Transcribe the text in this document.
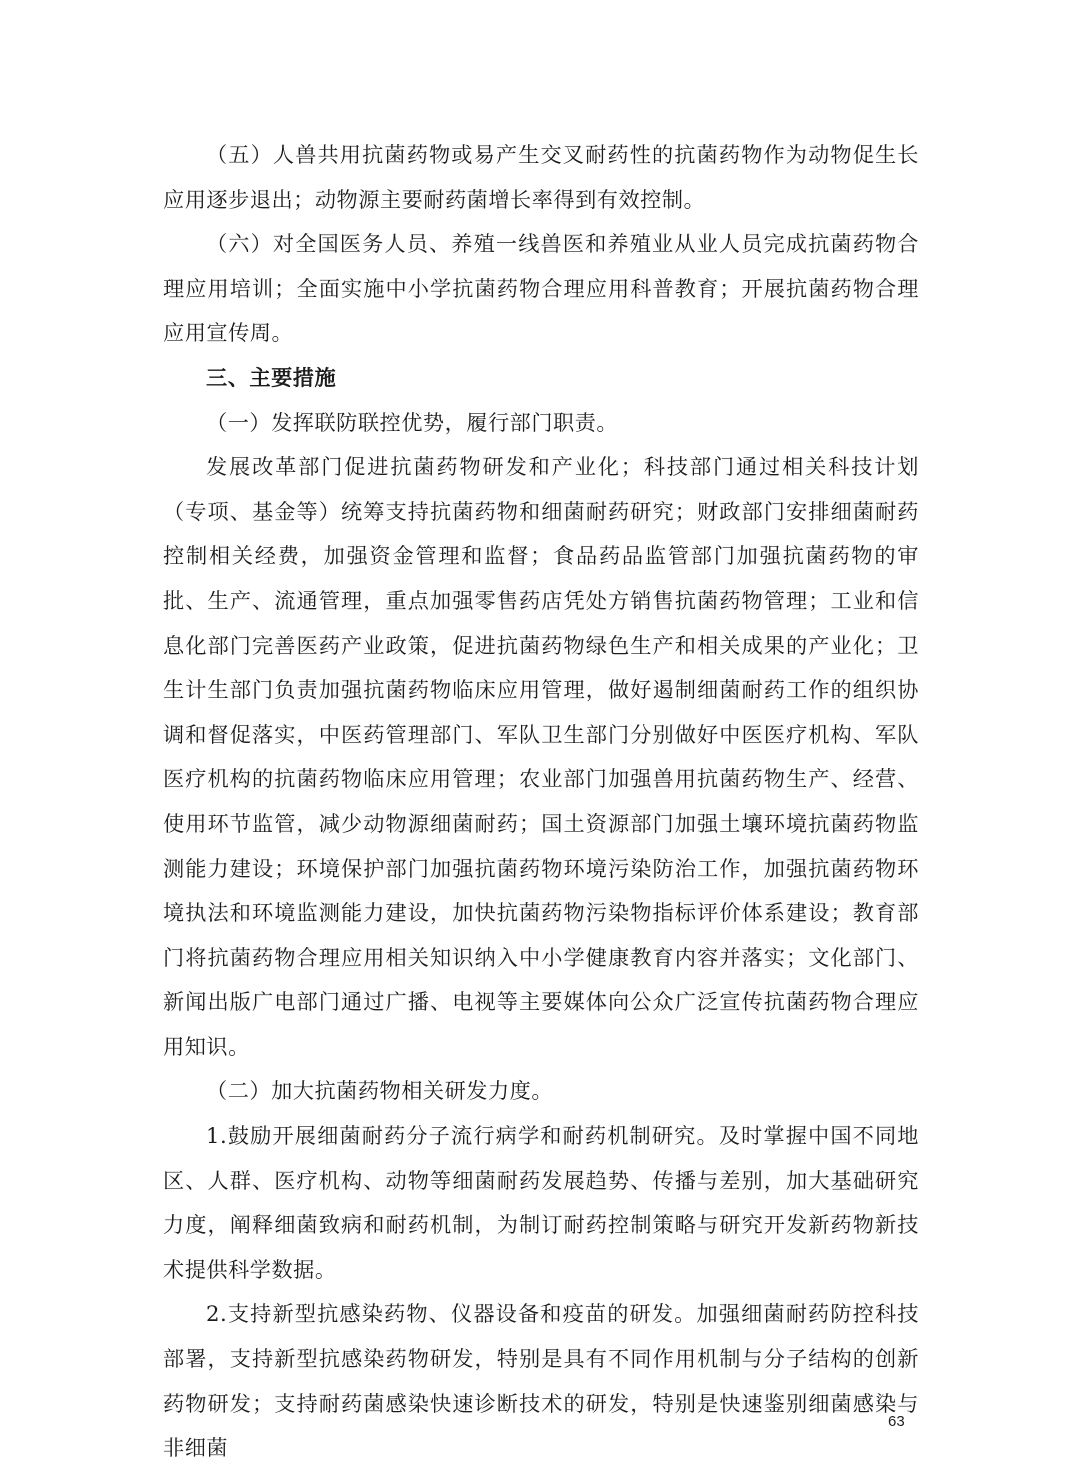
（五）人兽共用抗菌药物或易产生交叉耐药性的抗菌药物作为动物促生长应用逐步退出；动物源主要耐药菌增长率得到有效控制。

（六）对全国医务人员、养殖一线兽医和养殖业从业人员完成抗菌药物合理应用培训；全面实施中小学抗菌药物合理应用科普教育；开展抗菌药物合理应用宣传周。

三、主要措施

（一）发挥联防联控优势，履行部门职责。

发展改革部门促进抗菌药物研发和产业化；科技部门通过相关科技计划（专项、基金等）统筹支持抗菌药物和细菌耐药研究；财政部门安排细菌耐药控制相关经费，加强资金管理和监督；食品药品监管部门加强抗菌药物的审批、生产、流通管理，重点加强零售药店凭处方销售抗菌药物管理；工业和信息化部门完善医药产业政策，促进抗菌药物绿色生产和相关成果的产业化；卫生计生部门负责加强抗菌药物临床应用管理，做好遏制细菌耐药工作的组织协调和督促落实，中医药管理部门、军队卫生部门分别做好中医医疗机构、军队医疗机构的抗菌药物临床应用管理；农业部门加强兽用抗菌药物生产、经营、使用环节监管，减少动物源细菌耐药；国土资源部门加强土壤环境抗菌药物监测能力建设；环境保护部门加强抗菌药物环境污染防治工作，加强抗菌药物环境执法和环境监测能力建设，加快抗菌药物污染物指标评价体系建设；教育部门将抗菌药物合理应用相关知识纳入中小学健康教育内容并落实；文化部门、新闻出版广电部门通过广播、电视等主要媒体向公众广泛宣传抗菌药物合理应用知识。

（二）加大抗菌药物相关研发力度。

1.鼓励开展细菌耐药分子流行病学和耐药机制研究。及时掌握中国不同地区、人群、医疗机构、动物等细菌耐药发展趋势、传播与差别，加大基础研究力度，阐释细菌致病和耐药机制，为制订耐药控制策略与研究开发新药物新技术提供科学数据。

2.支持新型抗感染药物、仪器设备和疫苗的研发。加强细菌耐药防控科技部署，支持新型抗感染药物研发，特别是具有不同作用机制与分子结构的创新药物研发；支持耐药菌感染快速诊断技术的研发，特别是快速鉴别细菌感染与非细菌

63
